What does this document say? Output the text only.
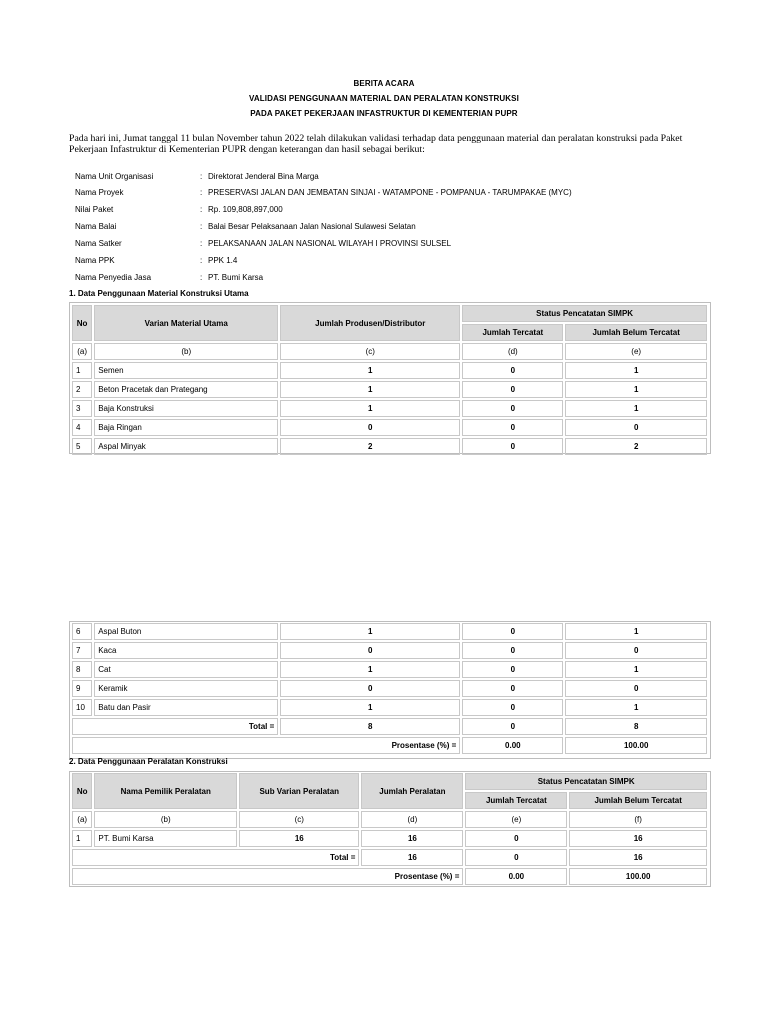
BERITA ACARA
VALIDASI PENGGUNAAN MATERIAL DAN PERALATAN KONSTRUKSI
PADA PAKET PEKERJAAN INFASTRUKTUR DI KEMENTERIAN PUPR
Pada hari ini, Jumat tanggal 11 bulan November tahun 2022 telah dilakukan validasi terhadap data penggunaan material dan peralatan konstruksi pada Paket Pekerjaan Infastruktur di Kementerian PUPR dengan keterangan dan hasil sebagai berikut:
Nama Unit Organisasi	: Direktorat Jenderal Bina Marga
Nama Proyek	: PRESERVASI JALAN DAN JEMBATAN SINJAI - WATAMPONE - POMPANUA - TARUMPAKAE (MYC)
Nilai Paket	: Rp. 109,808,897,000
Nama Balai	: Balai Besar Pelaksanaan Jalan Nasional Sulawesi Selatan
Nama Satker	: PELAKSANAAN JALAN NASIONAL WILAYAH I PROVINSI SULSEL
Nama PPK	: PPK 1.4
Nama Penyedia Jasa	: PT. Bumi Karsa
1. Data Penggunaan Material Konstruksi Utama
No	Varian Material Utama	Jumlah Produsen/Distributor	Status Pencatatan SIMPK	
			Jumlah Tercatat	Jumlah Belum Tercatat
(a)	(b)	(c)	(d)	(e)
1	Semen	1	0	1
2	Beton Pracetak dan Prategang	1	0	1
3	Baja Konstruksi	1	0	1
4	Baja Ringan	0	0	0
5	Aspal Minyak	2	0	2
6	Aspal Buton	1	0	1
7	Kaca	0	0	0
8	Cat	1	0	1
9	Keramik	0	0	0
10	Batu dan Pasir	1	0	1
Total =		8	0	8
Prosentase (%) =			0.00	100.00
2. Data Penggunaan Peralatan Konstruksi
No	Nama Pemilik Peralatan	Sub Varian Peralatan	Jumlah Peralatan	Status Pencatatan SIMPK	
				Jumlah Tercatat	Jumlah Belum Tercatat
(a)	(b)	(c)	(d)	(e)	(f)
1	PT. Bumi Karsa	16	16	0	16
Total =			16	0	16
Prosentase (%) =				0.00	100.00
